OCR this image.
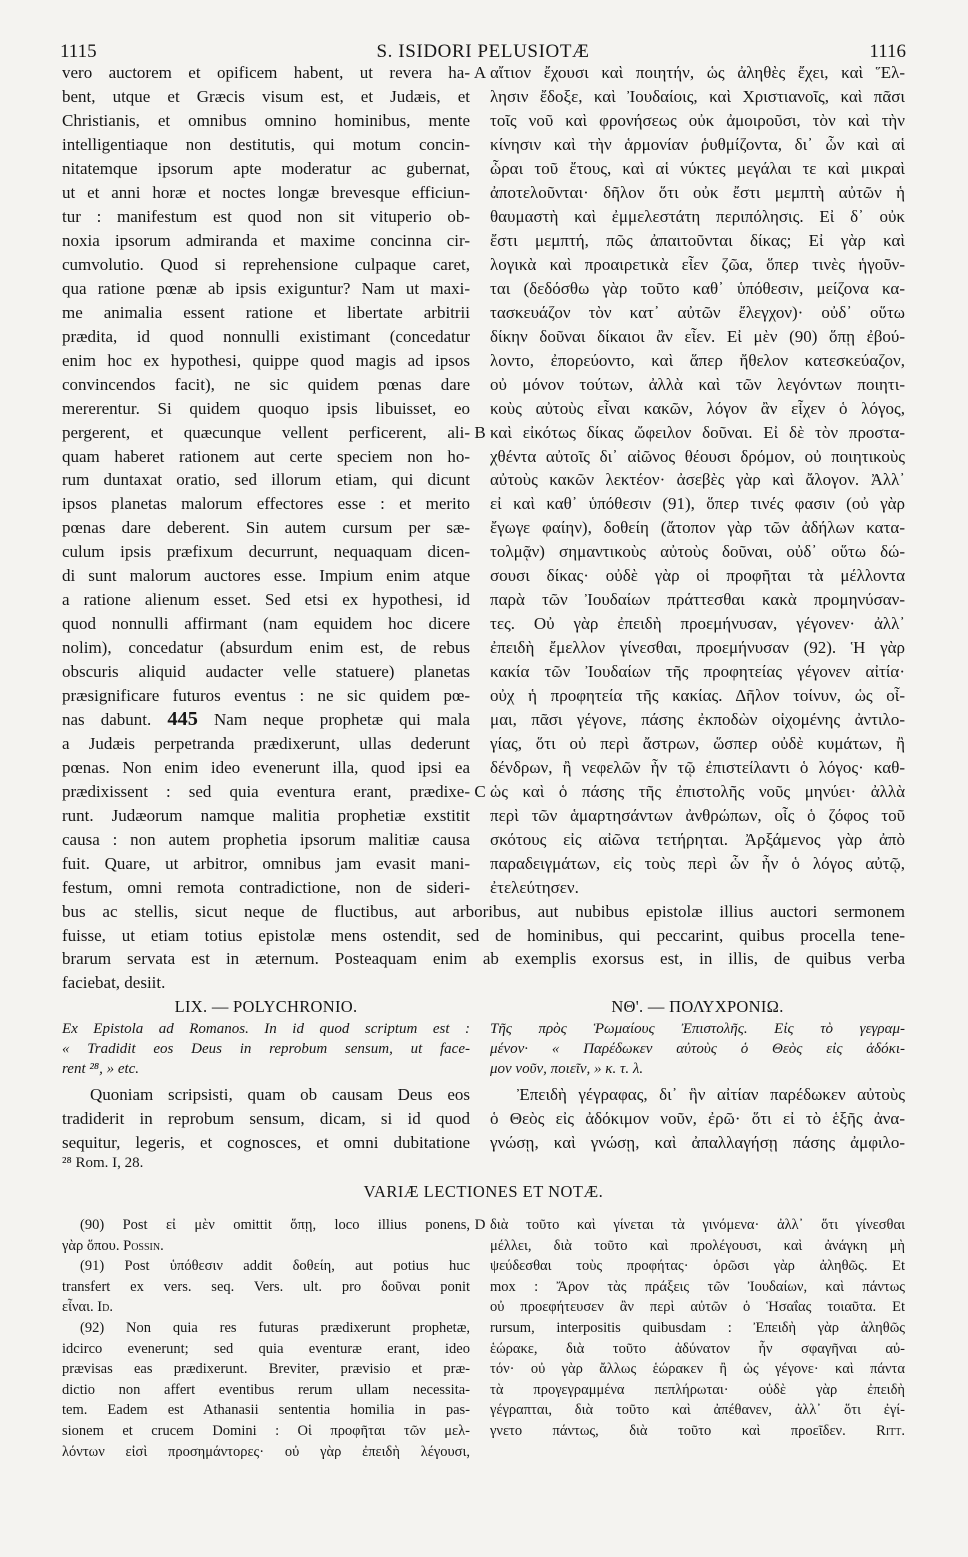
1115	S. ISIDORI PELUSIOTÆ	1116
vero auctorem et opificem habent, ut revera ha-
bent, utque et Græcis visum est, et Judæis, et
Christianis, et omnibus omnino hominibus, mente
intelligentiaque non destitutis, qui motum concin-
nitatemque ipsorum apte moderatur ac gubernat,
ut et anni horæ et noctes longæ brevesque efficiun-
tur : manifestum est quod non sit vituperio ob-
noxia ipsorum admiranda et maxime concinna cir-
cumvolutio. Quod si reprehensione culpaque caret,
qua ratione pœnæ ab ipsis exiguntur? Nam ut maxi-
me animalia essent ratione et libertate arbitrii
prædita, id quod nonnulli existimant (concedatur
enim hoc ex hypothesi, quippe quod magis ad ipsos
convincendos facit), ne sic quidem pœnas dare
mererentur. Si quidem quoquo ipsis libuisset, eo
pergerent, et quæcunque vellent perficerent, ali-
quam haberet rationem aut certe speciem non ho-
rum duntaxat oratio, sed illorum etiam, qui dicunt
ipsos planetas malorum effectores esse : et merito
pœnas dare deberent. Sin autem cursum per sæ-
culum ipsis præfixum decurrunt, nequaquam dicen-
di sunt malorum auctores esse. Impium enim atque
a ratione alienum esset. Sed etsi ex hypothesi, id
quod nonnulli affirmant (nam equidem hoc dicere
nolim), concedatur (absurdum enim est, de rebus
obscuris aliquid audacter velle statuere) planetas
præsignificare futuros eventus : ne sic quidem pœ-
nas dabunt. 445 Nam neque prophetæ qui mala
a Judæis perpetranda prædixerunt, ullas dederunt
pœnas. Non enim ideo evenerunt illa, quod ipsi ea
prædixissent : sed quia eventura erant, prædixe-
runt. Judæorum namque malitia prophetiæ exstitit
causa : non autem prophetia ipsorum malitiæ causa
fuit. Quare, ut arbitror, omnibus jam evasit mani-
festum, omni remota contradictione, non de sideri-
αἴτιον ἔχουσι καὶ ποιητήν, ὡς ἀληθὲς ἔχει, καὶ Ἕλ-
λησιν ἔδοξε, καὶ Ἰουδαίοις, καὶ Χριστιανοῖς, καὶ πᾶσι
τοῖς νοῦ καὶ φρονήσεως οὐκ ἀμοιροῦσι, τὸν καὶ τὴν
κίνησιν καὶ τὴν ἁρμονίαν ῥυθμίζοντα, δι᾽ ὧν καὶ αἱ
ὧραι τοῦ ἔτους, καὶ αἱ νύκτες μεγάλαι τε καὶ μικραὶ
ἀποτελοῦνται· δῆλον ὅτι οὐκ ἔστι μεμπτὴ αὐτῶν ἡ
θαυμαστὴ καὶ ἐμμελεστάτη περιπόλησις. Εἰ δ᾽ οὐκ
ἔστι μεμπτή, πῶς ἀπαιτοῦνται δίκας; Εἰ γὰρ καὶ
λογικὰ καὶ προαιρετικὰ εἶεν ζῶα, ὅπερ τινὲς ἡγοῦν-
ται (δεδόσθω γὰρ τοῦτο καθ᾽ ὑπόθεσιν, μείζονα κα-
τασκευάζον τὸν κατ᾽ αὐτῶν ἔλεγχον)· οὐδ᾽ οὕτω
δίκην δοῦναι δίκαιοι ἂν εἶεν. Εἰ μὲν (90) ὅπῃ ἐβού-
λοντο, ἐπορεύοντο, καὶ ἅπερ ἤθελον κατεσκεύαζον,
οὐ μόνον τούτων, ἀλλὰ καὶ τῶν λεγόντων ποιητι-
κοὺς αὐτοὺς εἶναι κακῶν, λόγον ἂν εἶχεν ὁ λόγος,
καὶ εἰκότως δίκας ὤφειλον δοῦναι. Εἰ δὲ τὸν προστα-
χθέντα αὐτοῖς δι᾽ αἰῶνος θέουσι δρόμον, οὐ ποιητικοὺς
αὐτοὺς κακῶν λεκτέον· ἀσεβὲς γὰρ καὶ ἄλογον. Ἀλλ᾽
εἰ καὶ καθ᾽ ὑπόθεσιν (91), ὅπερ τινές φασιν (οὐ γὰρ
ἔγωγε φαίην), δοθείη (ἄτοπον γὰρ τῶν ἀδήλων κατα-
τολμᾷν) σημαντικοὺς αὐτοὺς δοῦναι, οὐδ᾽ οὕτω δώ-
σουσι δίκας· οὐδὲ γὰρ οἱ προφῆται τὰ μέλλοντα
παρὰ τῶν Ἰουδαίων πράττεσθαι κακὰ προμηνύσαν-
τες. Οὐ γὰρ ἐπειδὴ προεμήνυσαν, γέγονεν· ἀλλ᾽
ἐπειδὴ ἔμελλον γίνεσθαι, προεμήνυσαν (92). Ἡ γὰρ
κακία τῶν Ἰουδαίων τῆς προφητείας γέγονεν αἰτία·
οὐχ ἡ προφητεία τῆς κακίας. Δῆλον τοίνυν, ὡς οἶ-
μαι, πᾶσι γέγονε, πάσης ἐκποδὼν οἰχομένης ἀντιλο-
γίας, ὅτι οὐ περὶ ἄστρων, ὥσπερ οὐδὲ κυμάτων, ἢ
δένδρων, ἢ νεφελῶν ἦν τῷ ἐπιστείλαντι ὁ λόγος· καθ-
ὡς καὶ ὁ πάσης τῆς ἐπιστολῆς νοῦς μηνύει· ἀλλὰ
περὶ τῶν ἁμαρτησάντων ἀνθρώπων, οἷς ὁ ζόφος τοῦ
σκότους εἰς αἰῶνα τετήρηται. Ἀρξάμενος γὰρ ἀπὸ
παραδειγμάτων, εἰς τοὺς περὶ ὧν ἦν ὁ λόγος αὐτῷ,
ἐτελεύτησεν.
A
B
C
bus ac stellis, sicut neque de fluctibus, aut arboribus, aut nubibus epistolæ illius auctori sermonem
fuisse, ut etiam totius epistolæ mens ostendit, sed de hominibus, qui peccarint, quibus procella tene-
brarum servata est in æternum. Posteaquam enim ab exemplis exorsus est, in illis, de quibus verba
faciebat, desiit.
LIX. — POLYCHRONIO.	ΝΘ'. — ΠΟΛΥΧΡΟΝΙΩ.
Ex Epistola ad Romanos. In id quod scriptum est :
« Tradidit eos Deus in reprobum sensum, ut face-
rent ²⁸, » etc.
Τῆς πρὸς Ῥωμαίους Ἐπιστολῆς. Εἰς τὸ γεγραμ-
μένον· « Παρέδωκεν αὐτοὺς ὁ Θεὸς εἰς ἀδόκι-
μον νοῦν, ποιεῖν, » κ. τ. λ.
Quoniam scripsisti, quam ob causam Deus eos
tradiderit in reprobum sensum, dicam, si id quod
sequitur, legeris, et cognosces, et omni dubitatione
Ἐπειδὴ γέγραφας, δι᾽ ἣν αἰτίαν παρέδωκεν αὐτοὺς
ὁ Θεὸς εἰς ἀδόκιμον νοῦν, ἐρῶ· ὅτι εἰ τὸ ἑξῆς ἀνα-
γνώσῃ, καὶ γνώσῃ, καὶ ἀπαλλαγήσῃ πάσης ἀμφιλο-
²⁸ Rom. I, 28.
VARIÆ LECTIONES ET NOTÆ.
(90) Post εἰ μὲν omittit ὅπῃ, loco illius ponens,
γὰρ ὅπου. Possin.
(91) Post ὑπόθεσιν addit δοθείη, aut potius huc
transfert ex vers. seq. Vers. ult. pro δοῦναι ponit
εἶναι. Id.
(92) Non quia res futuras prædixerunt prophetæ,
idcirco evenerunt; sed quia eventuræ erant, ideo
prævisas eas prædixerunt. Breviter, prævisio et præ-
dictio non affert eventibus rerum ullam necessita-
tem. Eadem est Athanasii sententia homilia in pas-
sionem et crucem Domini : Οἱ προφῆται τῶν μελ-
λόντων εἰσὶ προσημάντορες· οὐ γὰρ ἐπειδὴ λέγουσι,
D διὰ τοῦτο καὶ γίνεται τὰ γινόμενα· ἀλλ᾽ ὅτι γίνεσθαι
μέλλει, διὰ τοῦτο καὶ προλέγουσι, καὶ ἀνάγκη μὴ
ψεύδεσθαι τοὺς προφήτας· ὁρῶσι γὰρ ἀληθῶς. Et
mox : Ἄρον τὰς πράξεις τῶν Ἰουδαίων, καὶ πάντως
οὐ προεφήτευσεν ἂν περὶ αὐτῶν ὁ Ἡσαΐας τοιαῦτα. Et
rursum, interpositis quibusdam : Ἐπειδὴ γὰρ ἀληθῶς
ἑώρακε, διὰ τοῦτο ἀδύνατον ἦν σφαγῆναι αὐ-
τόν· οὐ γὰρ ἄλλως ἑώρακεν ἢ ὡς γέγονε· καὶ πάντα
τὰ προγεγραμμένα πεπλήρωται· οὐδὲ γὰρ ἐπειδὴ
γέγραπται, διὰ τοῦτο καὶ ἀπέθανεν, ἀλλ᾽ ὅτι ἐγί-
γνετο πάντως, διὰ τοῦτο καὶ προεῖδεν. Ritt.
